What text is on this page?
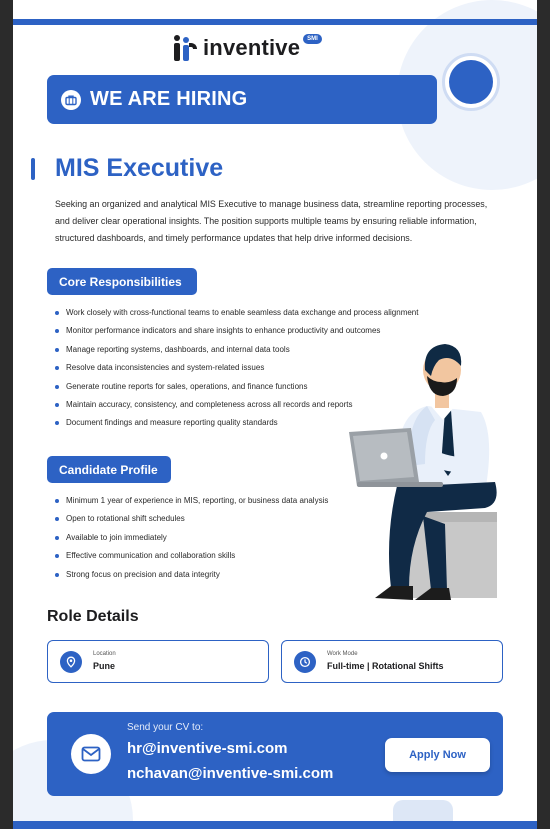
inventive	SMI
WE ARE HIRING
MIS Executive
Seeking an organized and analytical MIS Executive to manage business data, streamline reporting processes, and deliver clear operational insights. The position supports multiple teams by ensuring reliable information, structured dashboards, and timely performance updates that help drive informed decisions.
Core Responsibilities
Work closely with cross-functional teams to enable seamless data exchange and process alignment
Monitor performance indicators and share insights to enhance productivity and outcomes
Manage reporting systems, dashboards, and internal data tools
Resolve data inconsistencies and system-related issues
Generate routine reports for sales, operations, and finance functions
Maintain accuracy, consistency, and completeness across all records and reports
Document findings and measure reporting quality standards
Candidate Profile
Minimum 1 year of experience in MIS, reporting, or business data analysis
Open to rotational shift schedules
Available to join immediately
Effective communication and collaboration skills
Strong focus on precision and data integrity
Role Details
Location
Pune
Work Mode
Full-time | Rotational Shifts
Send your CV to:
hr@inventive-smi.com
nchavan@inventive-smi.com
Apply Now
